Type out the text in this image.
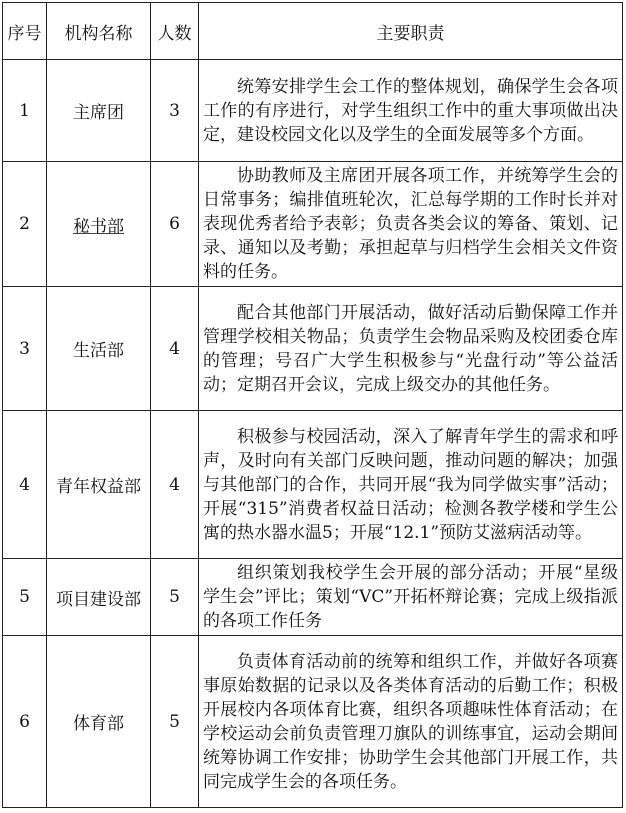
序号	机构名称	人数	主要职责
1	主席团	3	统筹安排学生会工作的整体规划，确保学生会各项工作的有序进行，对学生组织工作中的重大事项做出决定，建设校园文化以及学生的全面发展等多个方面。

2	秘书部	6	协助教师及主席团开展各项工作，并统筹学生会的日常事务；编排值班轮次，汇总每学期的工作时长并对表现优秀者给予表彰；负责各类会议的筹备、策划、记录、通知以及考勤；承担起草与归档学生会相关文件资料的任务。

3	生活部	4	配合其他部门开展活动，做好活动后勤保障工作并管理学校相关物品；负责学生会物品采购及校团委仓库的管理；号召广大学生积极参与“光盘行动”等公益活动；定期召开会议，完成上级交办的其他任务。

4	青年权益部	4	积极参与校园活动，深入了解青年学生的需求和呼声，及时向有关部门反映问题，推动问题的解决；加强与其他部门的合作，共同开展“我为同学做实事”活动；开展“315”消费者权益日活动；检测各教学楼和学生公寓的热水器水温5；开展“12.1”预防艾滋病活动等。

5	项目建设部	5	组织策划我校学生会开展的部分活动；开展“星级学生会”评比；策划“VC”开拓杯辩论赛；完成上级指派的各项工作任务

6	体育部	5	负责体育活动前的统筹和组织工作，并做好各项赛事原始数据的记录以及各类体育活动的后勤工作；积极开展校内各项体育比赛，组织各项趣味性体育活动；在学校运动会前负责管理刀旗队的训练事宜，运动会期间统筹协调工作安排；协助学生会其他部门开展工作，共同完成学生会的各项任务。
